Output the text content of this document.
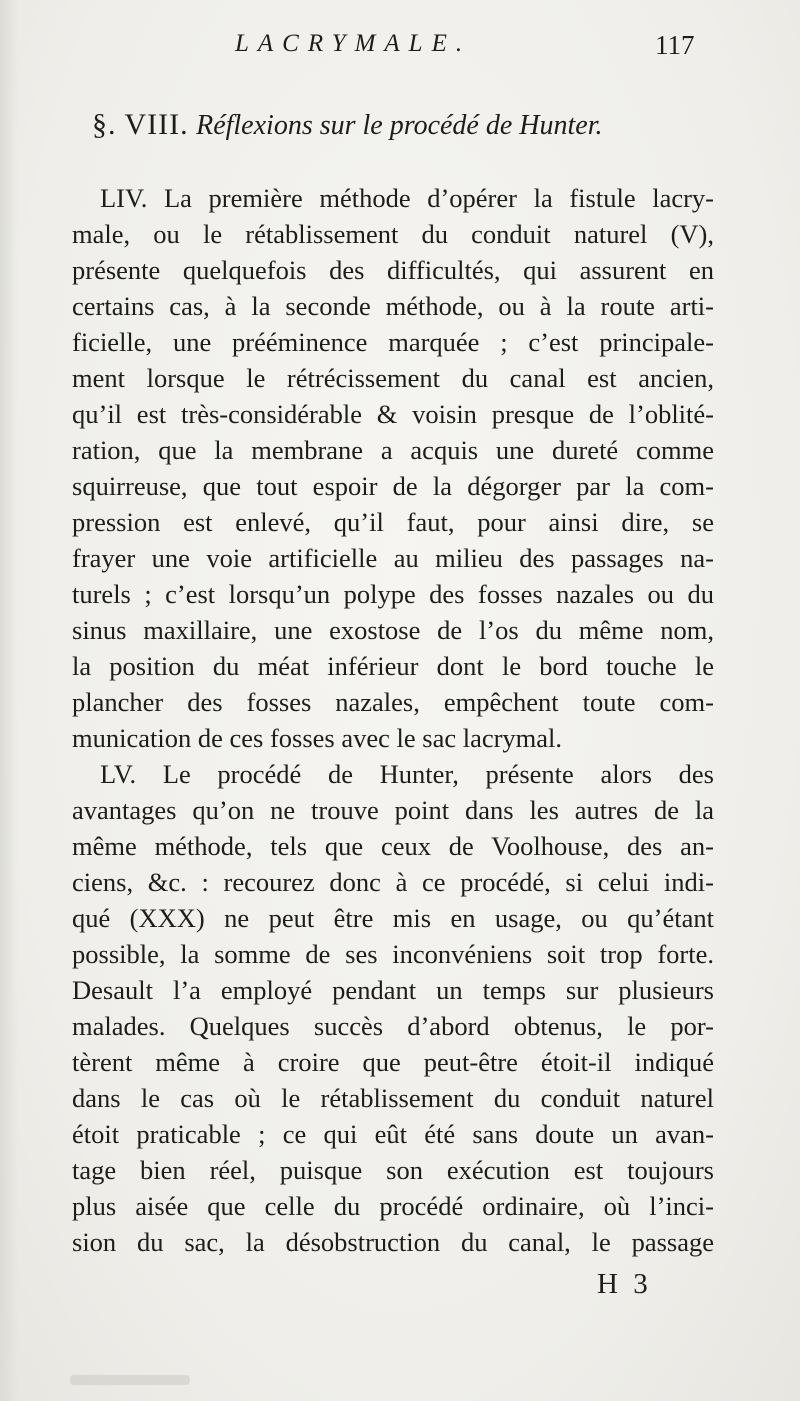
LACRYMALE.	117
§. VIII. Réflexions sur le procédé de Hunter.
LIV. La première méthode d’opérer la fistule lacry-
male, ou le rétablissement du conduit naturel (V),
présente quelquefois des difficultés, qui assurent en
certains cas, à la seconde méthode, ou à la route arti-
ficielle, une prééminence marquée ; c’est principale-
ment lorsque le rétrécissement du canal est ancien,
qu’il est très-considérable & voisin presque de l’oblité-
ration, que la membrane a acquis une dureté comme
squirreuse, que tout espoir de la dégorger par la com-
pression est enlevé, qu’il faut, pour ainsi dire, se
frayer une voie artificielle au milieu des passages na-
turels ; c’est lorsqu’un polype des fosses nazales ou du
sinus maxillaire, une exostose de l’os du même nom,
la position du méat inférieur dont le bord touche le
plancher des fosses nazales, empêchent toute com-
munication de ces fosses avec le sac lacrymal.
LV. Le procédé de Hunter, présente alors des
avantages qu’on ne trouve point dans les autres de la
même méthode, tels que ceux de Voolhouse, des an-
ciens, &c. : recourez donc à ce procédé, si celui indi-
qué (XXX) ne peut être mis en usage, ou qu’étant
possible, la somme de ses inconvéniens soit trop forte.
Desault l’a employé pendant un temps sur plusieurs
malades. Quelques succès d’abord obtenus, le por-
tèrent même à croire que peut-être étoit-il indiqué
dans le cas où le rétablissement du conduit naturel
étoit praticable ; ce qui eût été sans doute un avan-
tage bien réel, puisque son exécution est toujours
plus aisée que celle du procédé ordinaire, où l’inci-
sion du sac, la désobstruction du canal, le passage
H 3
